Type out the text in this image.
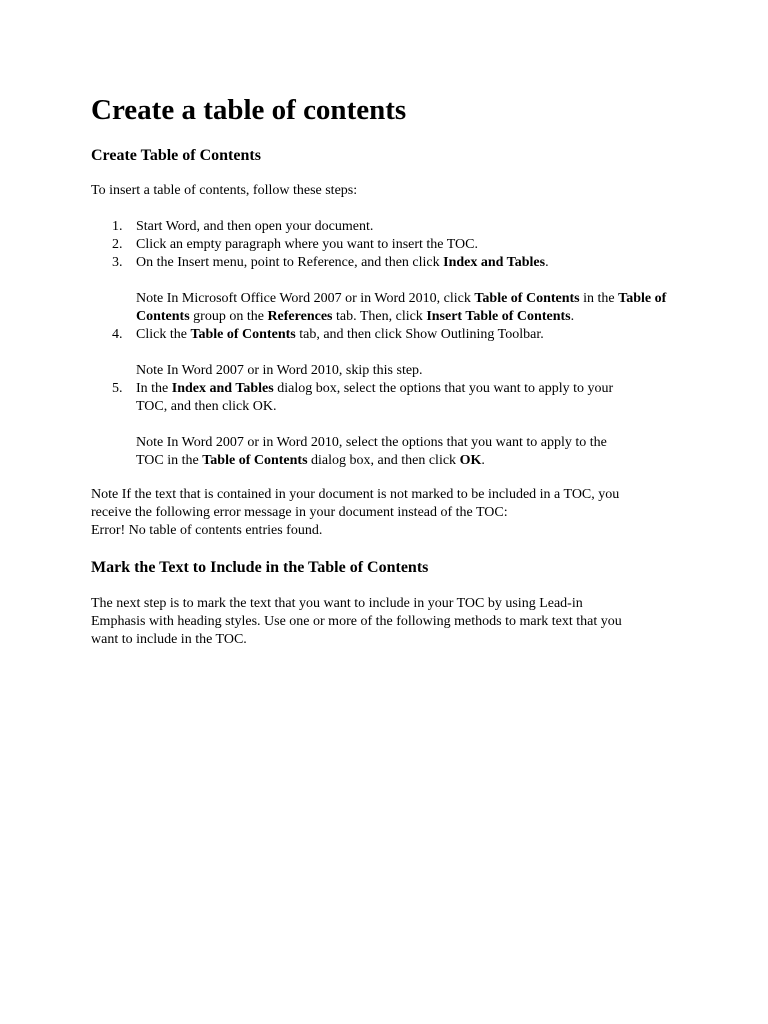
Create a table of contents
Create Table of Contents

To insert a table of contents, follow these steps:

1. Start Word, and then open your document.
2. Click an empty paragraph where you want to insert the TOC.
3. On the Insert menu, point to Reference, and then click Index and Tables.
Note In Microsoft Office Word 2007 or in Word 2010, click Table of Contents in the Table of Contents group on the References tab. Then, click Insert Table of Contents.
4. Click the Table of Contents tab, and then click Show Outlining Toolbar.
Note In Word 2007 or in Word 2010, skip this step.
5. In the Index and Tables dialog box, select the options that you want to apply to your
TOC, and then click OK.
Note In Word 2007 or in Word 2010, select the options that you want to apply to the
TOC in the Table of Contents dialog box, and then click OK.
Note If the text that is contained in your document is not marked to be included in a TOC, you
receive the following error message in your document instead of the TOC:
Error! No table of contents entries found.
Mark the Text to Include in the Table of Contents
The next step is to mark the text that you want to include in your TOC by using Lead-in
Emphasis with heading styles. Use one or more of the following methods to mark text that you
want to include in the TOC.
